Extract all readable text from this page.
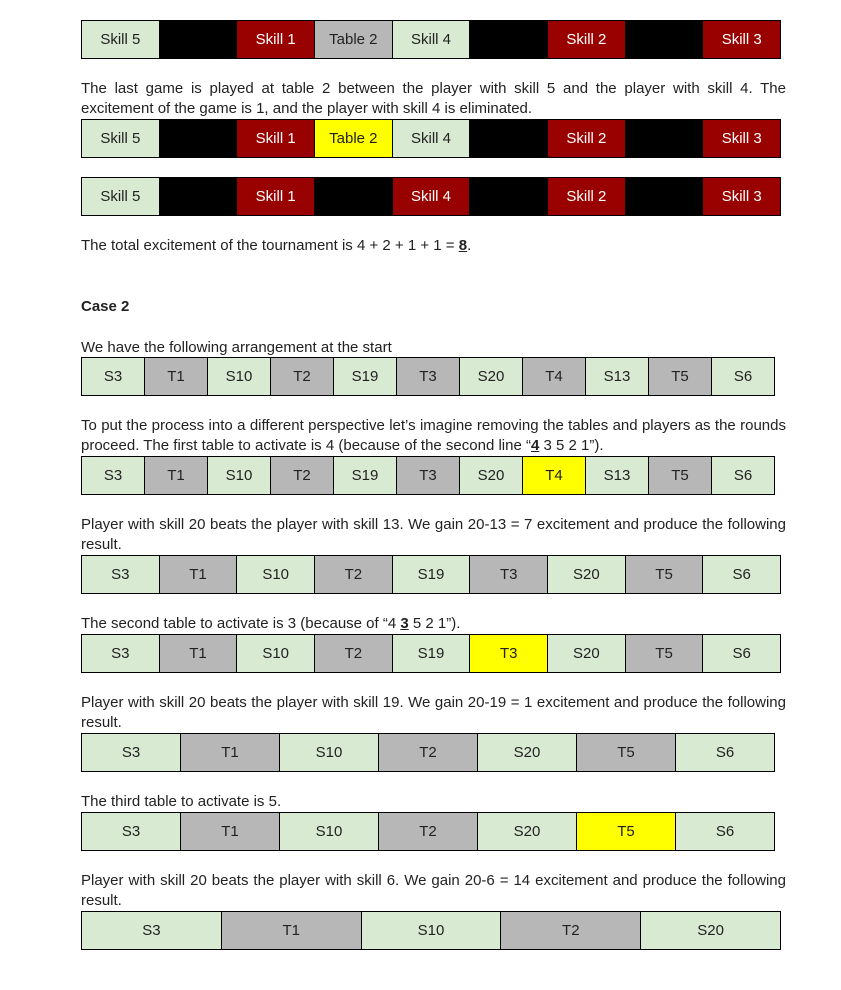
Skill 5	Skill 1	Table 2	Skill 4	Skill 2	Skill 3
The last game is played at table 2 between the player with skill 5 and the player with skill 4. The excitement of the game is 1, and the player with skill 4 is eliminated.
Skill 5	Skill 1	Table 2	Skill 4	Skill 2	Skill 3
Skill 5	Skill 1	Skill 4	Skill 2	Skill 3
The total excitement of the tournament is 4 + 2 + 1 + 1 = 8.
Case 2
We have the following arrangement at the start
S3	T1	S10	T2	S19	T3	S20	T4	S13	T5	S6
To put the process into a different perspective let’s imagine removing the tables and players as the rounds proceed. The first table to activate is 4 (because of the second line “4 3 5 2 1”).
S3	T1	S10	T2	S19	T3	S20	T4	S13	T5	S6
Player with skill 20 beats the player with skill 13. We gain 20-13 = 7 excitement and produce the following result.
S3	T1	S10	T2	S19	T3	S20	T5	S6
The second table to activate is 3 (because of “4 3 5 2 1”).
S3	T1	S10	T2	S19	T3	S20	T5	S6
Player with skill 20 beats the player with skill 19. We gain 20-19 = 1 excitement and produce the following result.
S3	T1	S10	T2	S20	T5	S6
The third table to activate is 5.
S3	T1	S10	T2	S20	T5	S6
Player with skill 20 beats the player with skill 6. We gain 20-6 = 14 excitement and produce the following result.
S3	T1	S10	T2	S20
